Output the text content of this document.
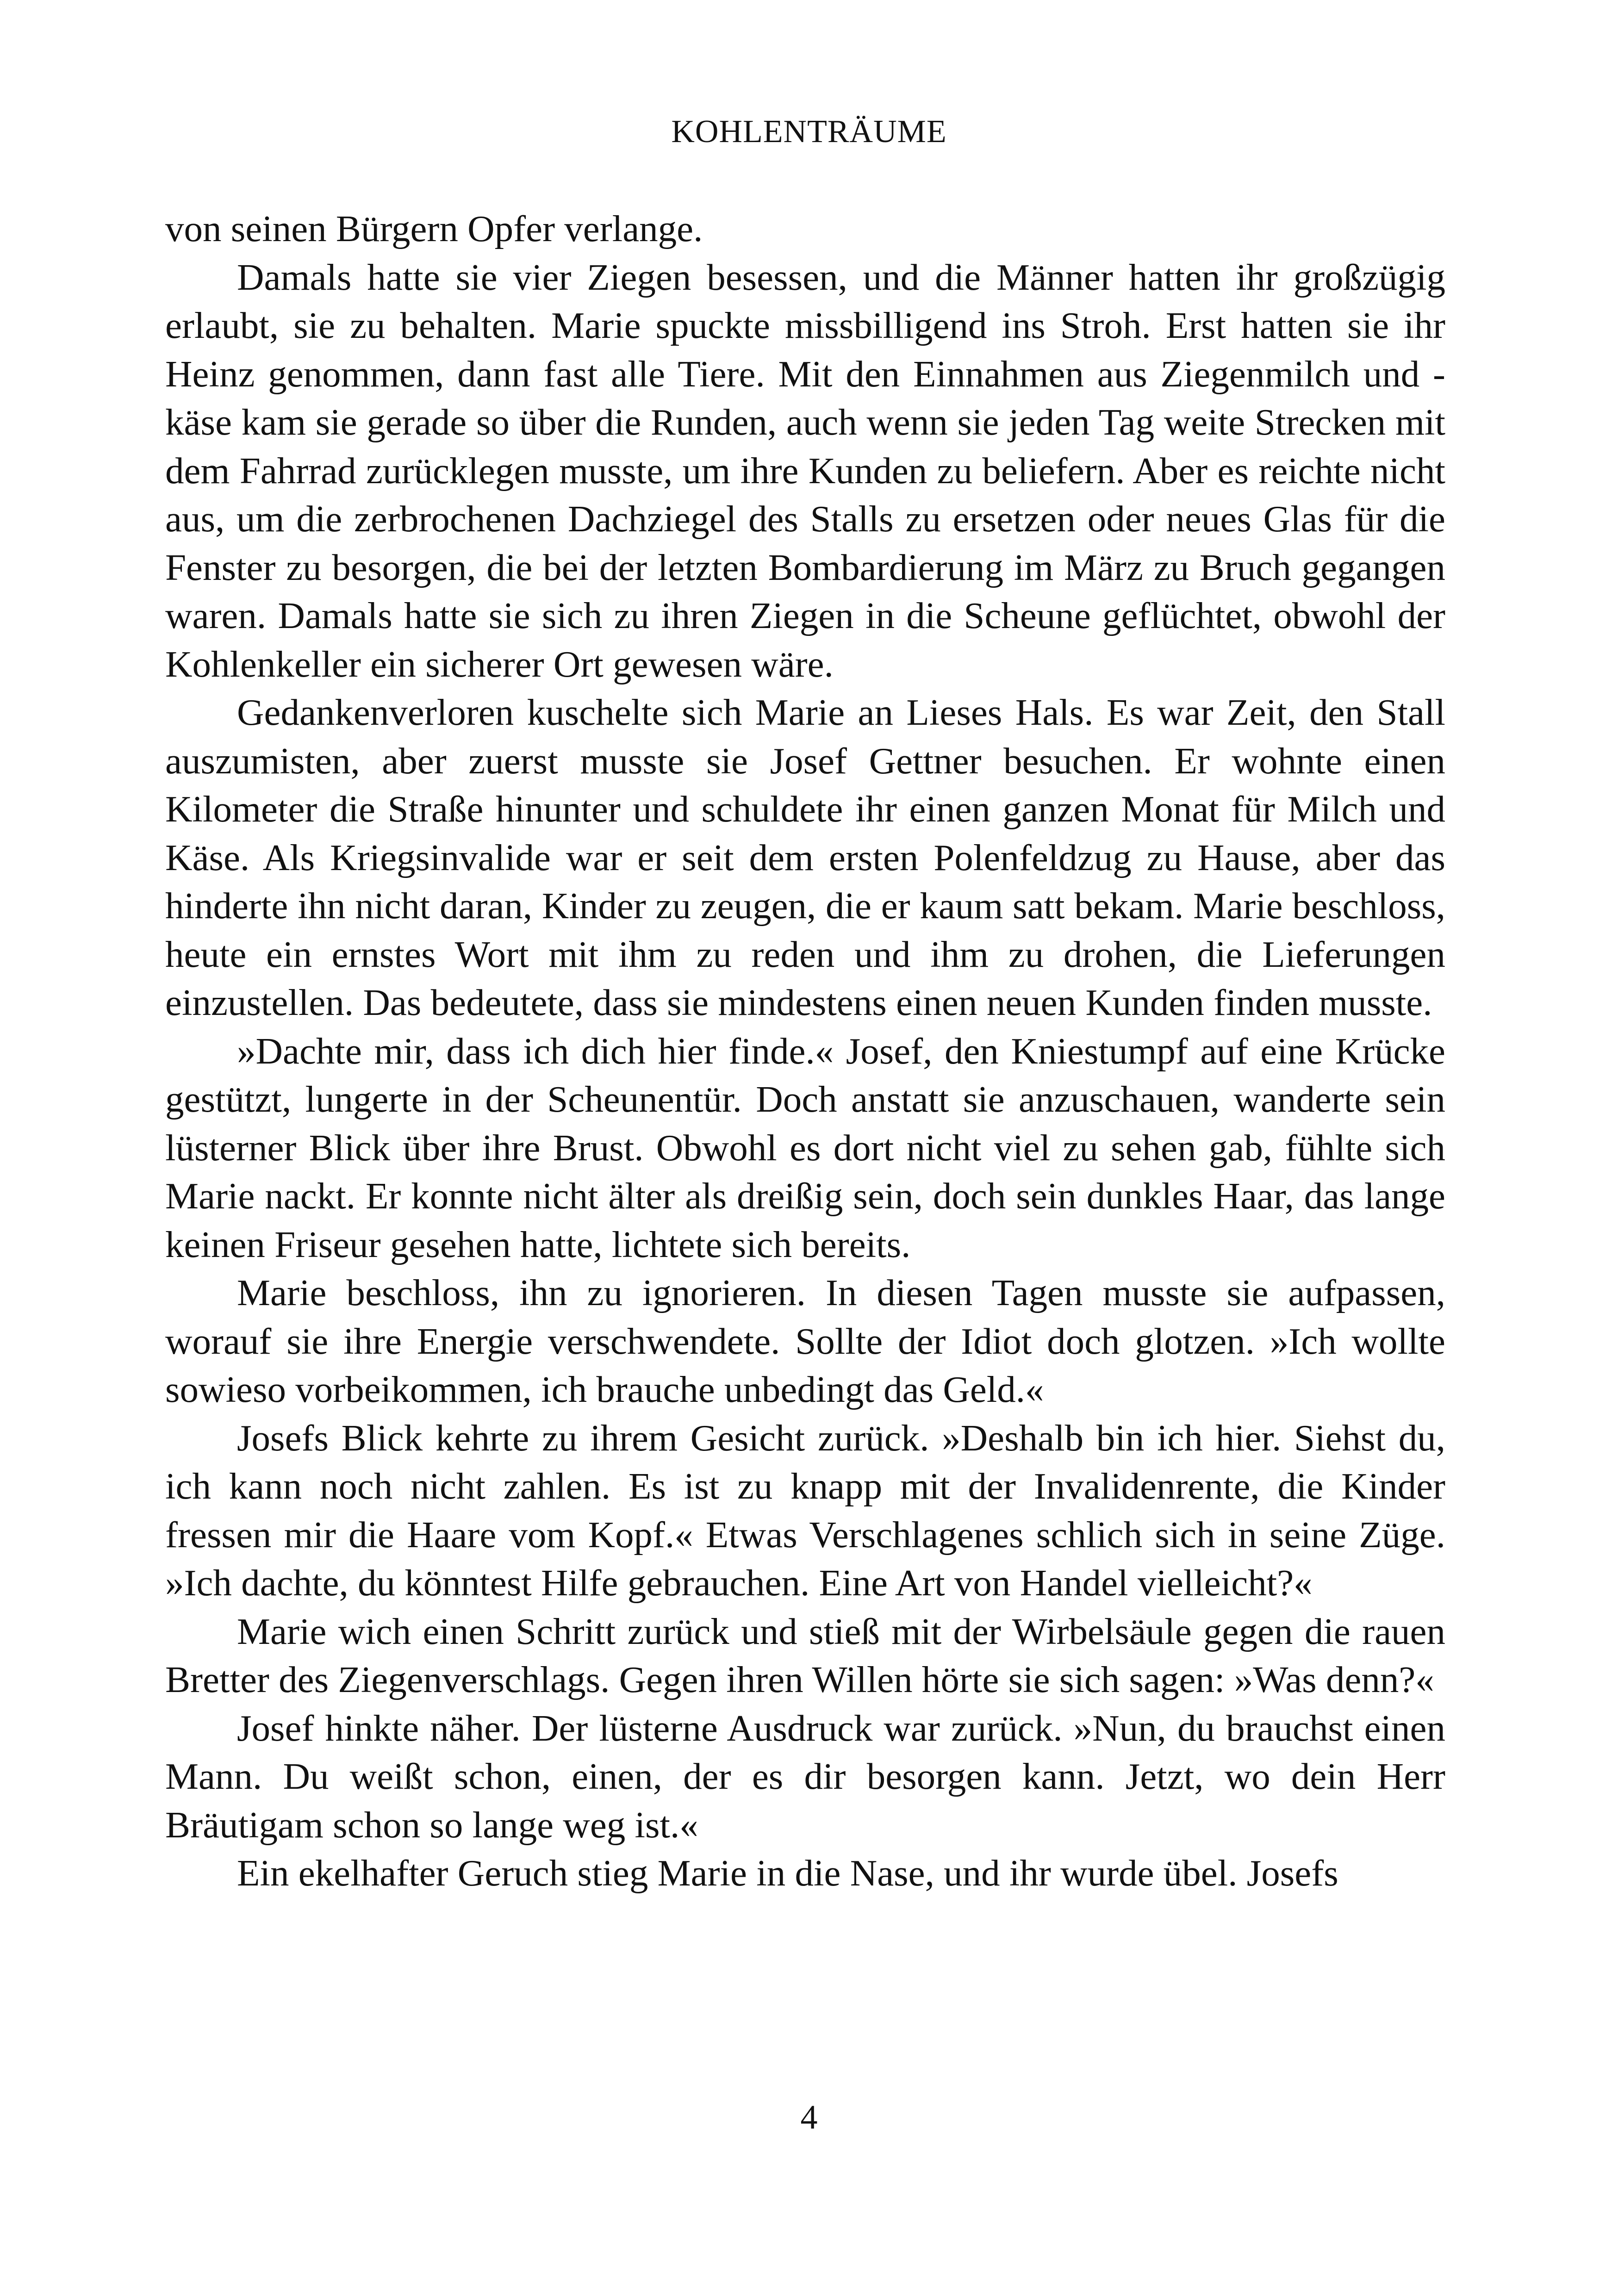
KOHLENTRÄUME

von seinen Bürgern Opfer verlange.

Damals hatte sie vier Ziegen besessen, und die Männer hatten ihr großzügig erlaubt, sie zu behalten. Marie spuckte missbilligend ins Stroh. Erst hatten sie ihr Heinz genommen, dann fast alle Tiere. Mit den Einnahmen aus Ziegenmilch und -käse kam sie gerade so über die Runden, auch wenn sie jeden Tag weite Strecken mit dem Fahrrad zurücklegen musste, um ihre Kunden zu beliefern. Aber es reichte nicht aus, um die zerbrochenen Dachziegel des Stalls zu ersetzen oder neues Glas für die Fenster zu besorgen, die bei der letzten Bombardierung im März zu Bruch gegangen waren. Damals hatte sie sich zu ihren Ziegen in die Scheune geflüchtet, obwohl der Kohlenkeller ein sicherer Ort gewesen wäre.

Gedankenverloren kuschelte sich Marie an Lieses Hals. Es war Zeit, den Stall auszumisten, aber zuerst musste sie Josef Gettner besuchen. Er wohnte einen Kilometer die Straße hinunter und schuldete ihr einen ganzen Monat für Milch und Käse. Als Kriegsinvalide war er seit dem ersten Polenfeldzug zu Hause, aber das hinderte ihn nicht daran, Kinder zu zeugen, die er kaum satt bekam. Marie beschloss, heute ein ernstes Wort mit ihm zu reden und ihm zu drohen, die Lieferungen einzustellen. Das bedeutete, dass sie mindestens einen neuen Kunden finden musste.

»Dachte mir, dass ich dich hier finde.« Josef, den Kniestumpf auf eine Krücke gestützt, lungerte in der Scheunentür. Doch anstatt sie anzuschauen, wanderte sein lüsterner Blick über ihre Brust. Obwohl es dort nicht viel zu sehen gab, fühlte sich Marie nackt. Er konnte nicht älter als dreißig sein, doch sein dunkles Haar, das lange keinen Friseur gesehen hatte, lichtete sich bereits.

Marie beschloss, ihn zu ignorieren. In diesen Tagen musste sie aufpassen, worauf sie ihre Energie verschwendete. Sollte der Idiot doch glotzen. »Ich wollte sowieso vorbeikommen, ich brauche unbedingt das Geld.«

Josefs Blick kehrte zu ihrem Gesicht zurück. »Deshalb bin ich hier. Siehst du, ich kann noch nicht zahlen. Es ist zu knapp mit der Invalidenrente, die Kinder fressen mir die Haare vom Kopf.« Etwas Verschlagenes schlich sich in seine Züge. »Ich dachte, du könntest Hilfe gebrauchen. Eine Art von Handel vielleicht?«

Marie wich einen Schritt zurück und stieß mit der Wirbelsäule gegen die rauen Bretter des Ziegenverschlags. Gegen ihren Willen hörte sie sich sagen: »Was denn?«

Josef hinkte näher. Der lüsterne Ausdruck war zurück. »Nun, du brauchst einen Mann. Du weißt schon, einen, der es dir besorgen kann. Jetzt, wo dein Herr Bräutigam schon so lange weg ist.«

Ein ekelhafter Geruch stieg Marie in die Nase, und ihr wurde übel. Josefs

4
